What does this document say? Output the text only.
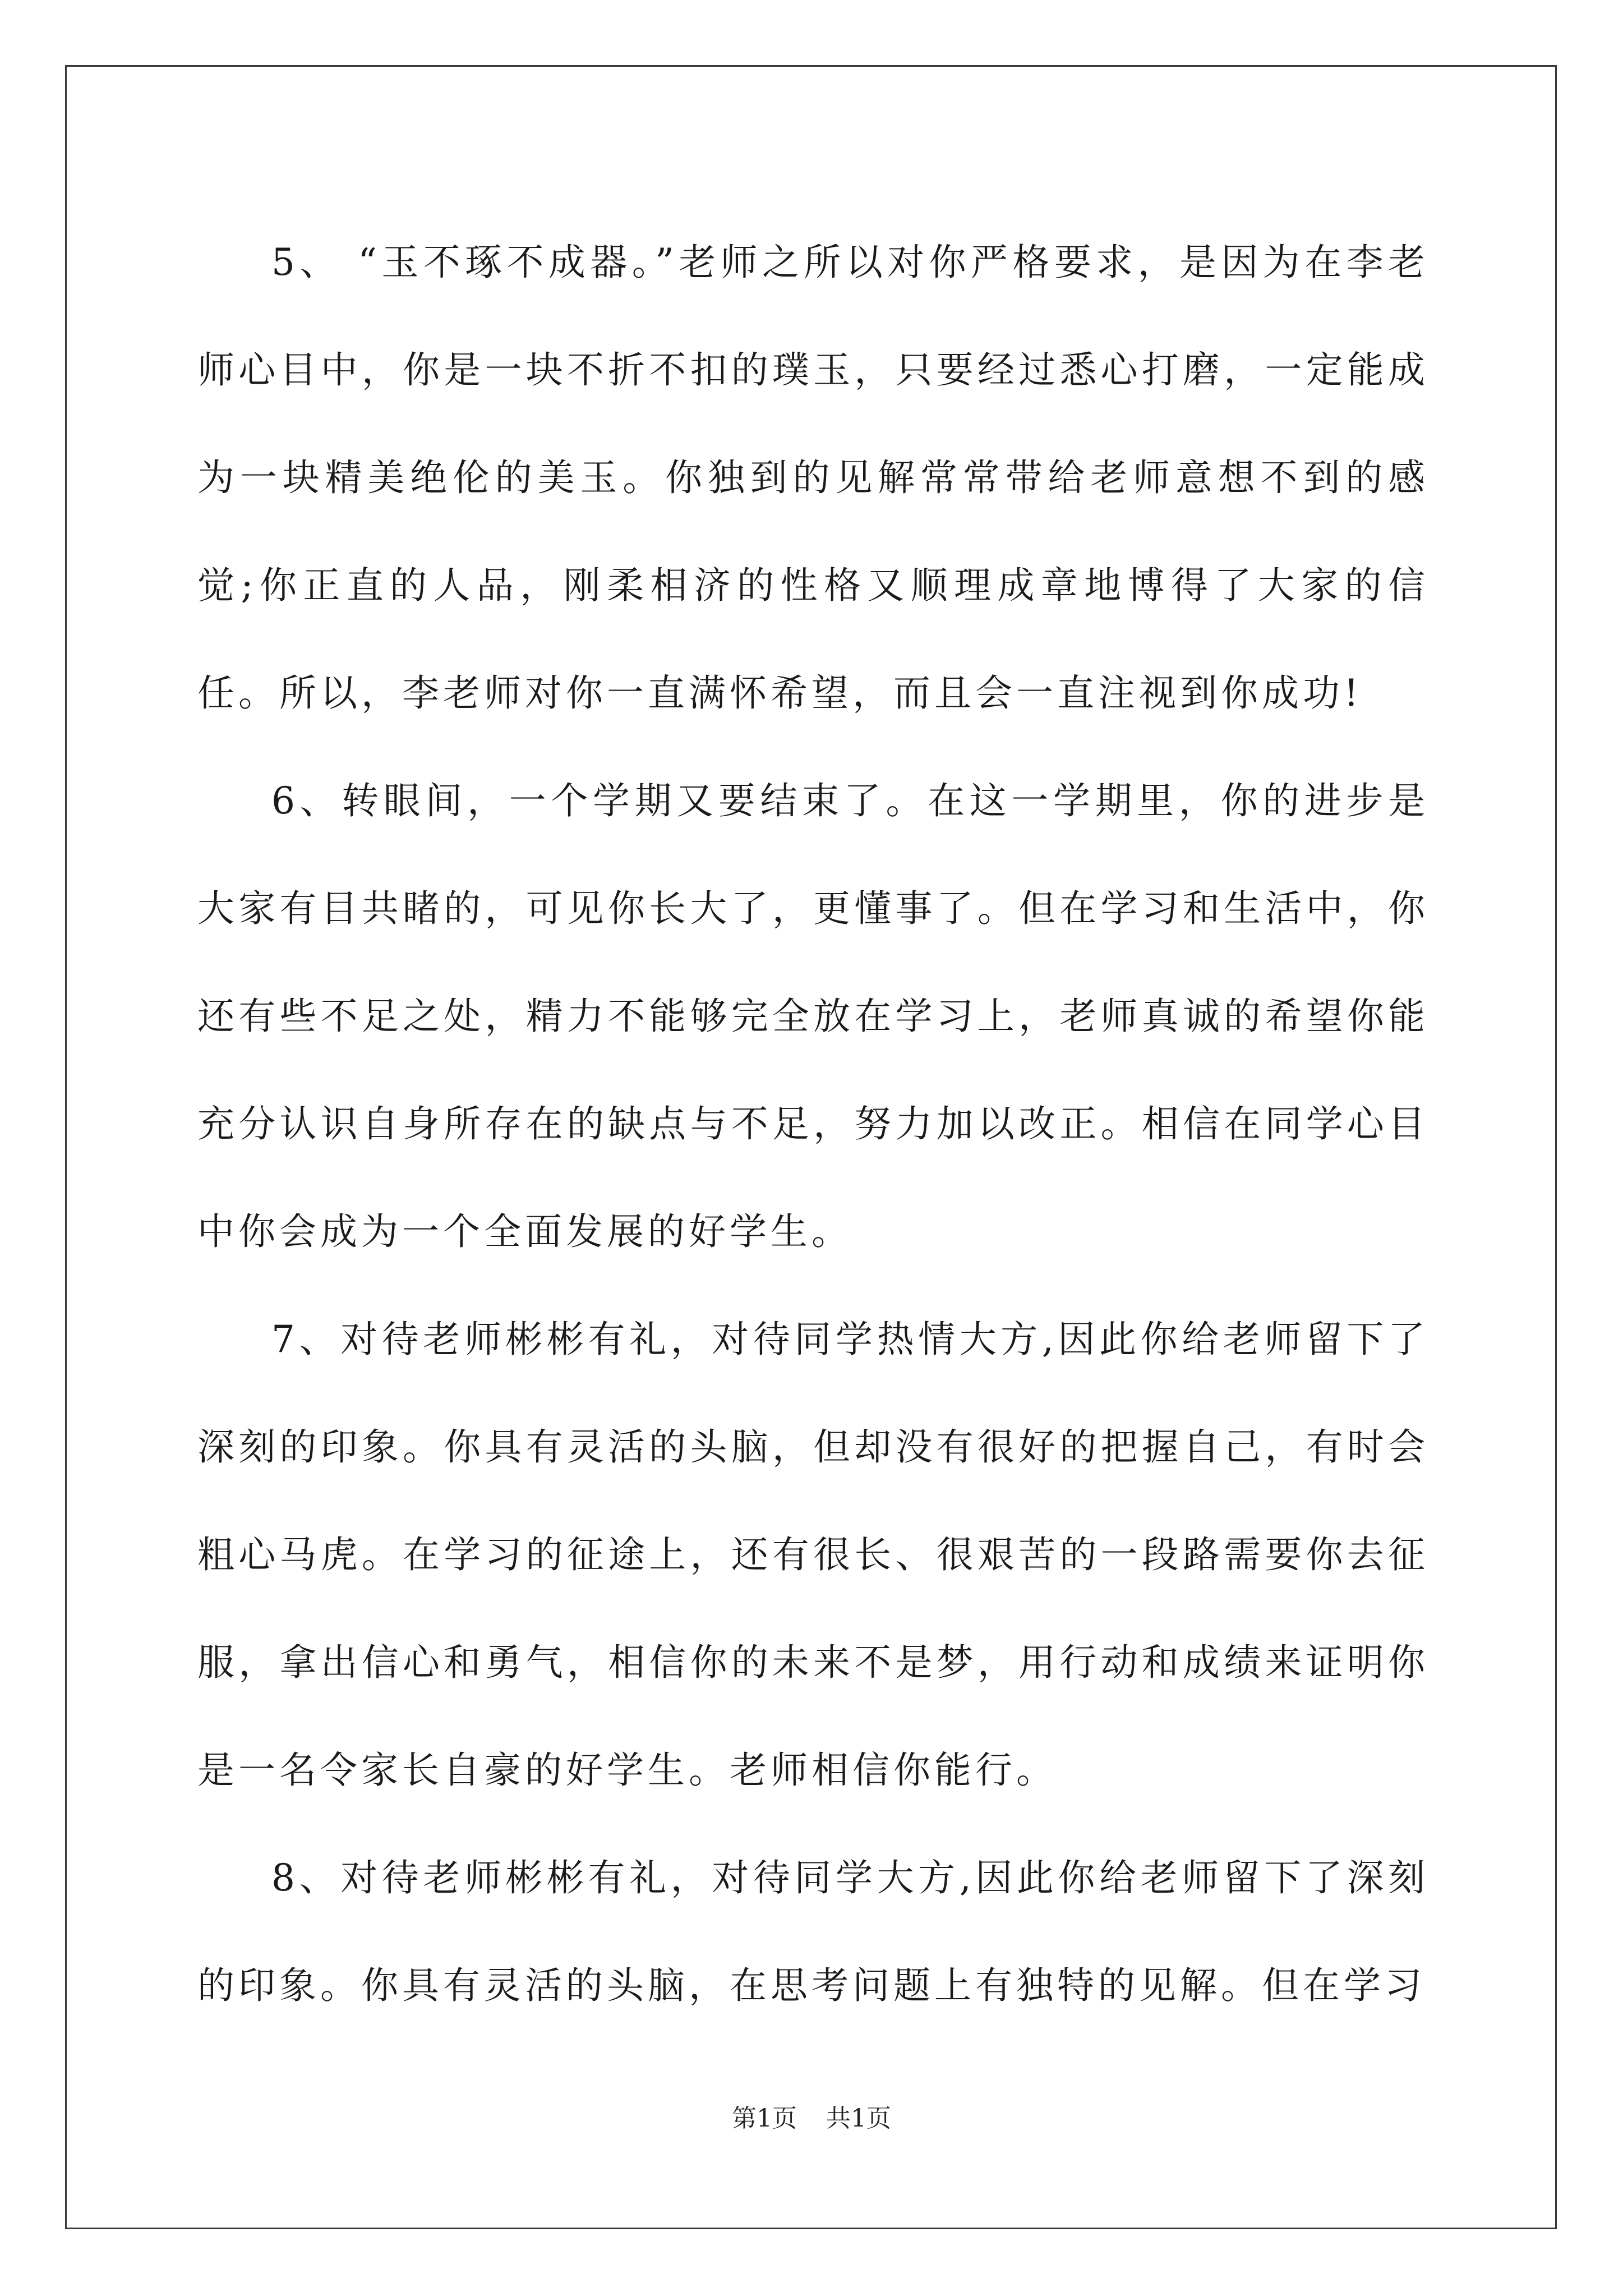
5、 “玉不琢不成器。”老师之所以对你严格要求，是因为在李老师心目中，你是一块不折不扣的璞玉，只要经过悉心打磨，一定能成为一块精美绝伦的美玉。你独到的见解常常带给老师意想不到的感觉;你正直的人品，刚柔相济的性格又顺理成章地博得了大家的信任。所以，李老师对你一直满怀希望，而且会一直注视到你成功!

6、转眼间，一个学期又要结束了。在这一学期里，你的进步是大家有目共睹的，可见你长大了，更懂事了。但在学习和生活中，你还有些不足之处，精力不能够完全放在学习上，老师真诚的希望你能充分认识自身所存在的缺点与不足，努力加以改正。相信在同学心目中你会成为一个全面发展的好学生。

7、对待老师彬彬有礼，对待同学热情大方,因此你给老师留下了深刻的印象。你具有灵活的头脑，但却没有很好的把握自己，有时会粗心马虎。在学习的征途上，还有很长、很艰苦的一段路需要你去征服，拿出信心和勇气，相信你的未来不是梦，用行动和成绩来证明你是一名令家长自豪的好学生。老师相信你能行。

8、对待老师彬彬有礼，对待同学大方,因此你给老师留下了深刻的印象。你具有灵活的头脑，在思考问题上有独特的见解。但在学习

第1页 共1页
